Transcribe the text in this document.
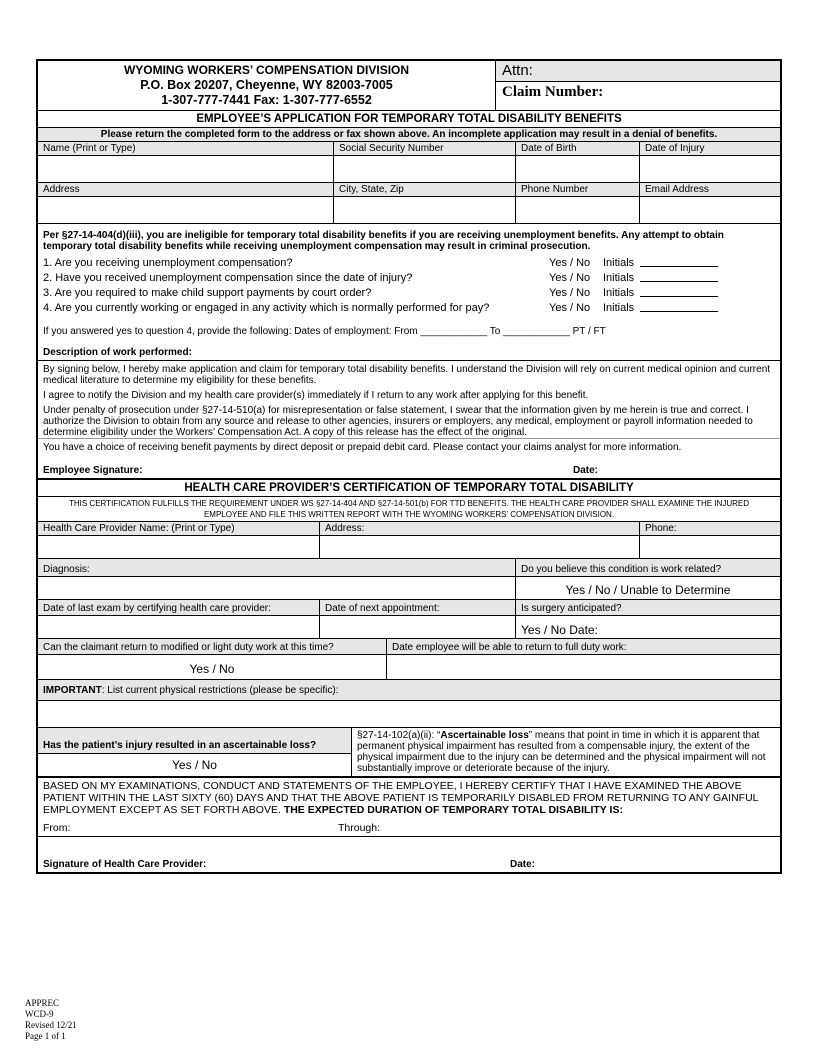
WYOMING WORKERS’ COMPENSATION DIVISION
P.O. Box 20207, Cheyenne, WY 82003-7005
1-307-777-7441 Fax: 1-307-777-6552
Attn:
Claim Number:
EMPLOYEE’S APPLICATION FOR TEMPORARY TOTAL DISABILITY BENEFITS
Please return the completed form to the address or fax shown above. An incomplete application may result in a denial of benefits.
Name (Print or Type)	Social Security Number	Date of Birth	Date of Injury
Address	City, State, Zip	Phone Number	Email Address
Per §27-14-404(d)(iii), you are ineligible for temporary total disability benefits if you are receiving unemployment benefits. Any attempt to obtain temporary total disability benefits while receiving unemployment compensation may result in criminal prosecution.
1. Are you receiving unemployment compensation?	Yes / No	Initials

2. Have you received unemployment compensation since the date of injury?	Yes / No	Initials

3. Are you required to make child support payments by court order?	Yes / No	Initials

4. Are you currently working or engaged in any activity which is normally performed for pay?	Yes / No	Initials

If you answered yes to question 4, provide the following: Dates of employment: From ____________ To ____________ PT / FT
Description of work performed:
By signing below, I hereby make application and claim for temporary total disability benefits. I understand the Division will rely on current medical opinion and current medical literature to determine my eligibility for these benefits.
I agree to notify the Division and my health care provider(s) immediately if I return to any work after applying for this benefit.
Under penalty of prosecution under §27-14-510(a) for misrepresentation or false statement, I swear that the information given by me herein is true and correct. I authorize the Division to obtain from any source and release to other agencies, insurers or employers, any medical, employment or payroll information needed to determine eligibility under the Workers’ Compensation Act. A copy of this release has the effect of the original.
You have a choice of receiving benefit payments by direct deposit or prepaid debit card. Please contact your claims analyst for more information.
Employee Signature:	Date:
HEALTH CARE PROVIDER’S CERTIFICATION OF TEMPORARY TOTAL DISABILITY
THIS CERTIFICATION FULFILLS THE REQUIREMENT UNDER WS §27-14-404 AND §27-14-501(b) FOR TTD BENEFITS. THE HEALTH CARE PROVIDER SHALL EXAMINE THE INJURED EMPLOYEE AND FILE THIS WRITTEN REPORT WITH THE WYOMING WORKERS’ COMPENSATION DIVISION.
Health Care Provider Name: (Print or Type)	Address:	Phone:
Diagnosis:	Do you believe this condition is work related?
Yes / No / Unable to Determine
Date of last exam by certifying health care provider:	Date of next appointment:	Is surgery anticipated?
Yes / No Date:
Can the claimant return to modified or light duty work at this time?
Yes / No
Date employee will be able to return to full duty work:
IMPORTANT: List current physical restrictions (please be specific):
Has the patient’s injury resulted in an ascertainable loss?
Yes / No
§27-14-102(a)(ii): “Ascertainable loss” means that point in time in which it is apparent that permanent physical impairment has resulted from a compensable injury, the extent of the physical impairment due to the injury can be determined and the physical impairment will not substantially improve or deteriorate because of the injury.
BASED ON MY EXAMINATIONS, CONDUCT AND STATEMENTS OF THE EMPLOYEE, I HEREBY CERTIFY THAT I HAVE EXAMINED THE ABOVE PATIENT WITHIN THE LAST SIXTY (60) DAYS AND THAT THE ABOVE PATIENT IS TEMPORARILY DISABLED FROM RETURNING TO ANY GAINFUL EMPLOYMENT EXCEPT AS SET FORTH ABOVE. THE EXPECTED DURATION OF TEMPORARY TOTAL DISABILITY IS:
From:	Through:
Signature of Health Care Provider:	Date:
APPREC
WCD-9
Revised 12/21
Page 1 of 1
